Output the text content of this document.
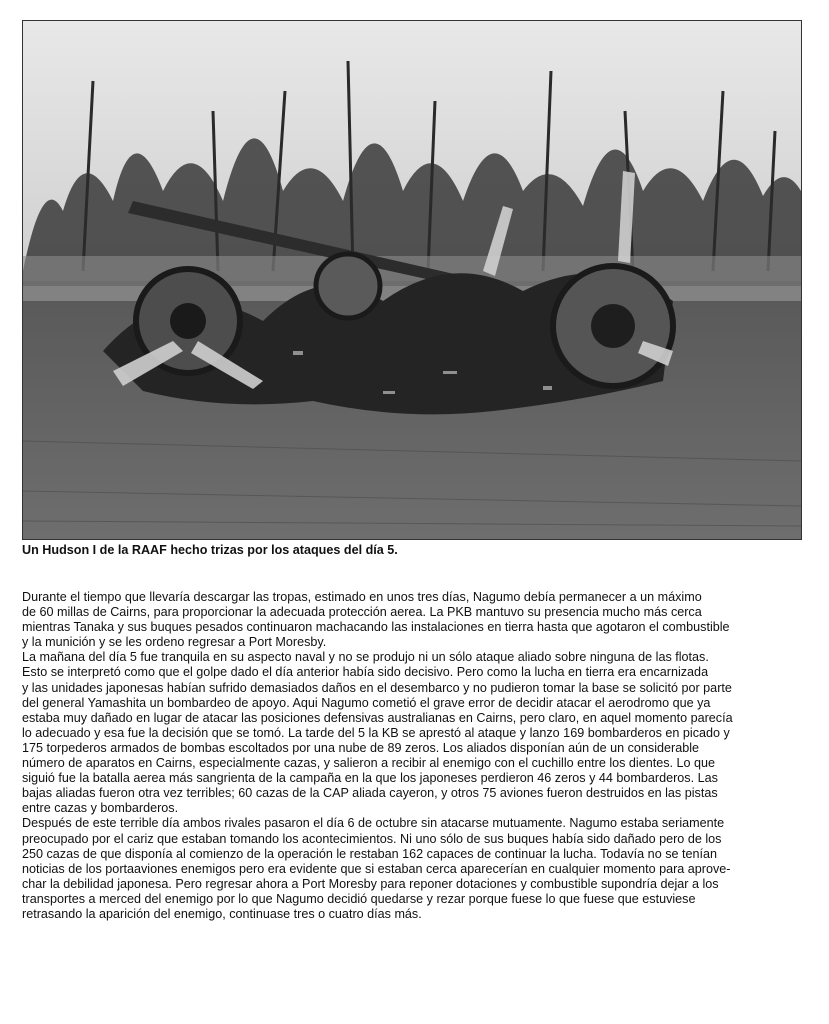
Un Hudson I de la RAAF hecho trizas por los ataques del día 5.

Durante el tiempo que llevaría descargar las tropas, estimado en unos tres días, Nagumo debía permanecer a un máximo
de 60 millas de Cairns, para proporcionar la adecuada protección aerea. La PKB mantuvo su presencia mucho más cerca
mientras Tanaka y sus buques pesados continuaron machacando las instalaciones en tierra hasta que agotaron el combustible
y la munición y se les ordeno regresar a Port Moresby.
La mañana del día 5 fue tranquila en su aspecto naval y no se produjo ni un sólo ataque aliado sobre ninguna de las flotas.
Esto se interpretó como que el golpe dado el día anterior había sido decisivo. Pero como la lucha en tierra era encarnizada
y las unidades japonesas habían sufrido demasiados daños en el desembarco y no pudieron tomar la base se solicitó por parte
del general Yamashita un bombardeo de apoyo. Aqui Nagumo cometió el grave error de decidir atacar el aerodromo que ya
estaba muy dañado en lugar de atacar las posiciones defensivas australianas en Cairns, pero claro, en aquel momento parecía
lo adecuado y esa fue la decisión que se tomó. La tarde del 5 la KB se aprestó al ataque y lanzo 169 bombarderos en picado y
175 torpederos armados de bombas escoltados por una nube de 89 zeros. Los aliados disponían aún de un considerable
número de aparatos en Cairns, especialmente cazas, y salieron a recibir al enemigo con el cuchillo entre los dientes. Lo que
siguió fue la batalla aerea más sangrienta de la campaña en la que los japoneses perdieron 46 zeros y 44 bombarderos. Las
bajas aliadas fueron otra vez terribles; 60 cazas de la CAP aliada cayeron, y otros 75 aviones fueron destruidos en las pistas
entre cazas y bombarderos.
Después de este terrible día ambos rivales pasaron el día 6 de octubre sin atacarse mutuamente. Nagumo estaba seriamente
preocupado por el cariz que estaban tomando los acontecimientos. Ni uno sólo de sus buques había sido dañado pero de los
250 cazas de que disponía al comienzo de la operación le restaban 162 capaces de continuar la lucha. Todavía no se tenían
noticias de los portaaviones enemigos pero era evidente que si estaban cerca aparecerían en cualquier momento para aprove-
char la debilidad japonesa. Pero regresar ahora a Port Moresby para reponer dotaciones y combustible supondría dejar a los
transportes a merced del enemigo por lo que Nagumo decidió quedarse y rezar porque fuese lo que fuese que estuviese
retrasando la aparición del enemigo, continuase tres o cuatro días más.
